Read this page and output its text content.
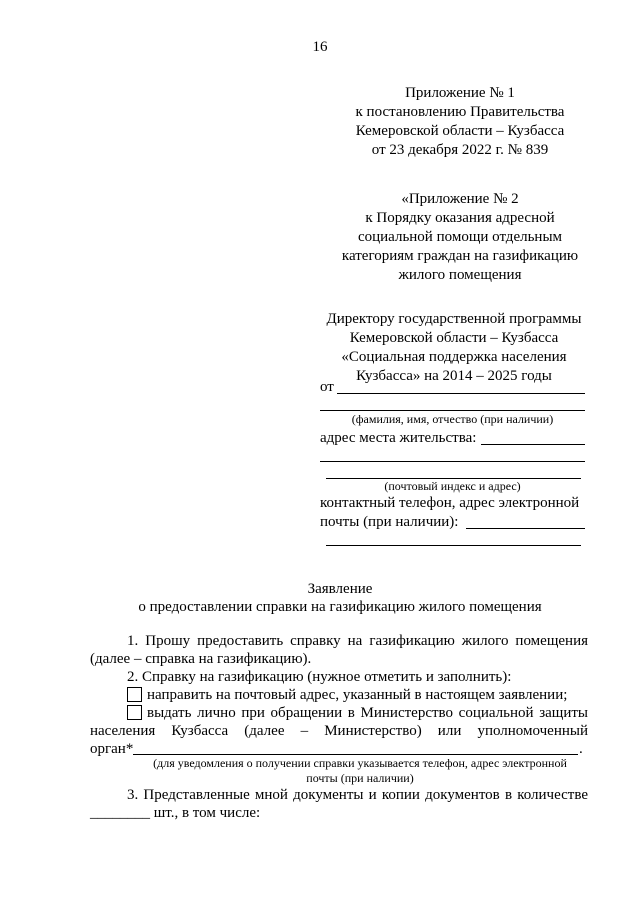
16
Приложение № 1
к постановлению Правительства
Кемеровской области – Кузбасса
от 23 декабря 2022 г. № 839
«Приложение № 2
к Порядку оказания адресной
социальной помощи отдельным
категориям граждан на газификацию
жилого помещения
Директору государственной программы
Кемеровской области – Кузбасса
«Социальная поддержка населения
Кузбасса» на 2014 – 2025 годы
от
(фамилия, имя, отчество (при наличии)
адрес места жительства:
(почтовый индекс и адрес)
контактный телефон, адрес электронной
почты (при наличии):
Заявление
о предоставлении справки на газификацию жилого помещения
1. Прошу предоставить справку на газификацию жилого помещения
(далее – справка на газификацию).
2. Справку на газификацию (нужное отметить и заполнить):
направить на почтовый адрес, указанный в настоящем заявлении;
выдать лично при обращении в Министерство социальной защиты
населения Кузбасса (далее – Министерство) или уполномоченный
орган*	.
(для уведомления о получении справки указывается телефон, адрес электронной
почты (при наличии)
3. Представленные мной документы и копии документов в количестве
________ шт., в том числе:
